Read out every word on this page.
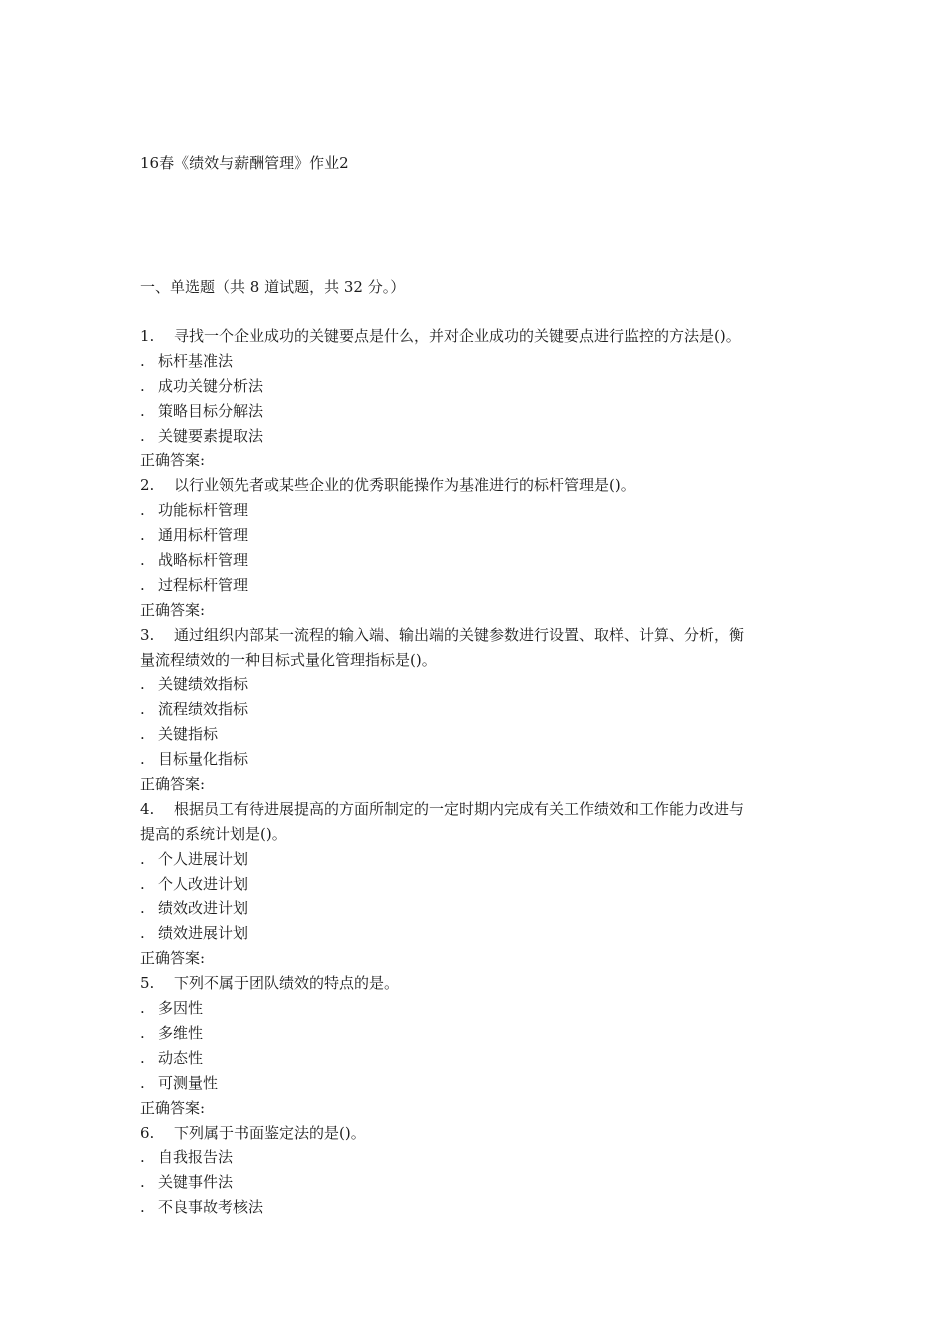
16春《绩效与薪酬管理》作业2
一、单选题（共 8 道试题，共 32 分。）
1. 寻找一个企业成功的关键要点是什么，并对企业成功的关键要点进行监控的方法是()。
. 标杆基准法
. 成功关键分析法
. 策略目标分解法
. 关键要素提取法
正确答案:
2. 以行业领先者或某些企业的优秀职能操作为基准进行的标杆管理是()。
. 功能标杆管理
. 通用标杆管理
. 战略标杆管理
. 过程标杆管理
正确答案:
3. 通过组织内部某一流程的输入端、输出端的关键参数进行设置、取样、计算、分析，衡
量流程绩效的一种目标式量化管理指标是()。
. 关键绩效指标
. 流程绩效指标
. 关键指标
. 目标量化指标
正确答案:
4. 根据员工有待进展提高的方面所制定的一定时期内完成有关工作绩效和工作能力改进与
提高的系统计划是()。
. 个人进展计划
. 个人改进计划
. 绩效改进计划
. 绩效进展计划
正确答案:
5. 下列不属于团队绩效的特点的是。
. 多因性
. 多维性
. 动态性
. 可测量性
正确答案:
6. 下列属于书面鉴定法的是()。
. 自我报告法
. 关键事件法
. 不良事故考核法
